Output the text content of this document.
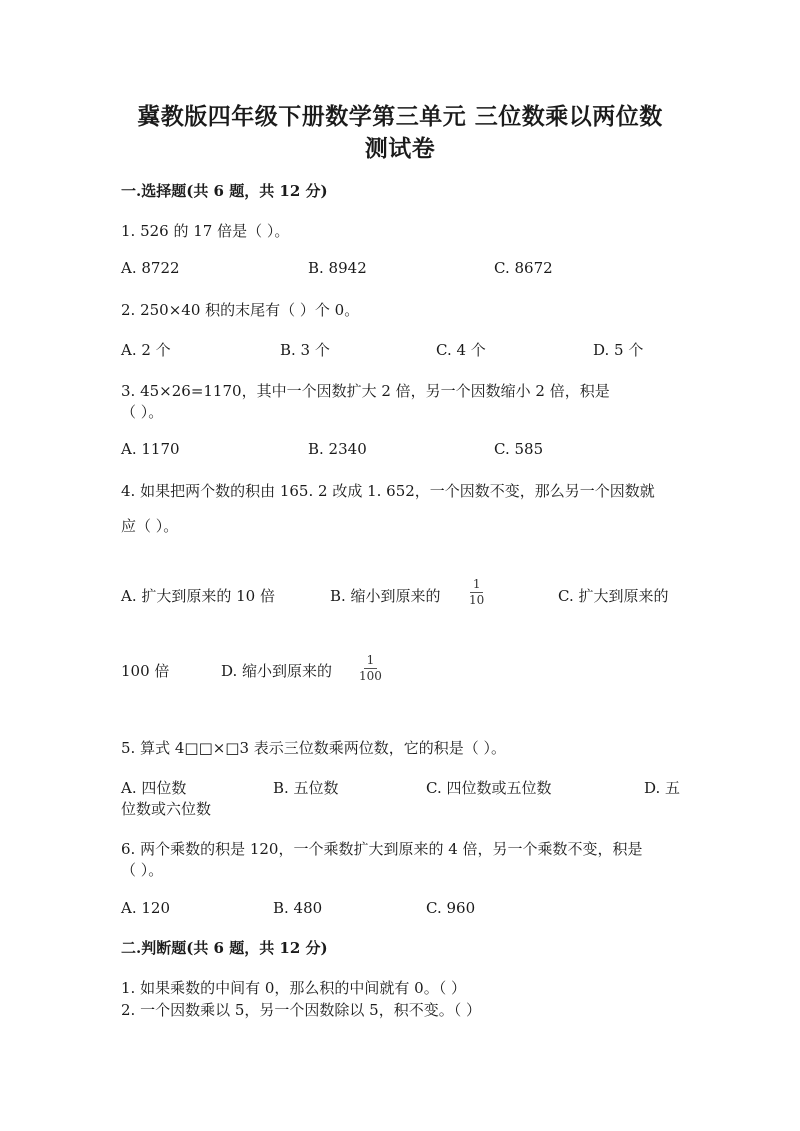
冀教版四年级下册数学第三单元 三位数乘以两位数
测试卷
一.选择题(共 6 题，共 12 分)
1. 526 的 17 倍是（ ）。
A. 8722	B. 8942	C. 8672
2. 250×40 积的末尾有（ ）个 0。
A. 2 个	B. 3 个	C. 4 个	D. 5 个
3. 45×26=1170，其中一个因数扩大 2 倍，另一个因数缩小 2 倍，积是
（ ）。
A. 1170	B. 2340	C. 585
4. 如果把两个数的积由 165. 2 改成 1. 652，一个因数不变，那么另一个因数就
应（ ）。
A. 扩大到原来的 10 倍	B. 缩小到原来的 $\frac{1}{10}$	C. 扩大到原来的
100 倍	D. 缩小到原来的 $\frac{1}{100}$
5. 算式 4□□×□3 表示三位数乘两位数，它的积是（ ）。
A. 四位数	B. 五位数	C. 四位数或五位数	D. 五
位数或六位数
6. 两个乘数的积是 120，一个乘数扩大到原来的 4 倍，另一个乘数不变，积是
（ ）。
A. 120	B. 480	C. 960
二.判断题(共 6 题，共 12 分)
1. 如果乘数的中间有 0，那么积的中间就有 0。（ ）
2. 一个因数乘以 5，另一个因数除以 5，积不变。（ ）
